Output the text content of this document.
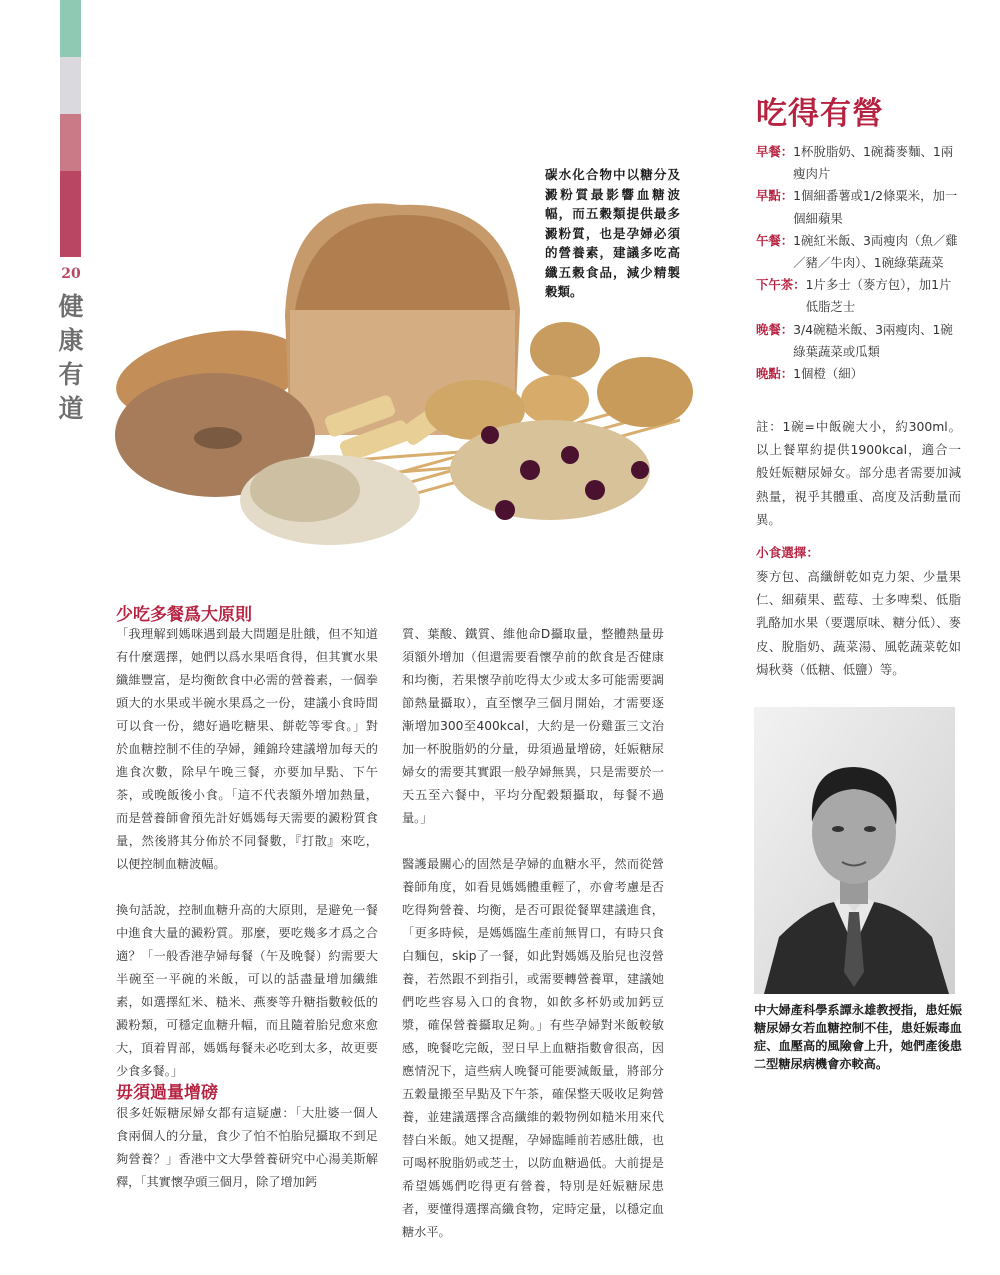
20
健
康
有
道
碳水化合物中以糖分及澱粉質最影響血糖波幅，而五穀類提供最多澱粉質，也是孕婦必須的營養素，建議多吃高纖五穀食品，減少精製穀類。
少吃多餐爲大原則
毋須過量增磅

「我理解到媽咪遇到最大問題是肚餓，但不知道有什麼選擇，她們以爲水果唔食得，但其實水果纖維豐富，是均衡飲食中必需的營養素，一個拳頭大的水果或半碗水果爲之一份，建議小食時間可以食一份，總好過吃糖果、餅乾等零食。」對於血糖控制不佳的孕婦，鍾錦玲建議增加每天的進食次數，除早午晚三餐，亦要加早點、下午茶，或晚飯後小食。「這不代表額外增加熱量，而是營養師會預先計好媽媽每天需要的澱粉質食量，然後將其分佈於不同餐數，『打散』來吃，以便控制血糖波幅。

換句話說，控制血糖升高的大原則，是避免一餐中進食大量的澱粉質。那麼，要吃幾多才爲之合適？「一般香港孕婦每餐（午及晚餐）約需要大半碗至一平碗的米飯，可以的話盡量增加纖維素，如選擇紅米、糙米、燕麥等升糖指數較低的澱粉類，可穩定血糖升幅，而且隨着胎兒愈來愈大，頂着胃部，媽媽每餐未必吃到太多，故更要少食多餐。」

很多妊娠糖尿婦女都有這疑慮：「大肚婆一個人食兩個人的分量，食少了怕不怕胎兒攝取不到足夠營養？」香港中文大學營養研究中心湯美斯解釋，「其實懷孕頭三個月，除了增加鈣

質、葉酸、鐵質、維他命D攝取量，整體熱量毋須額外增加（但還需要看懷孕前的飲食是否健康和均衡，若果懷孕前吃得太少或太多可能需要調節熱量攝取），直至懷孕三個月開始，才需要逐漸增加300至400kcal，大約是一份雞蛋三文治加一杯脫脂奶的分量，毋須過量增磅，妊娠糖尿婦女的需要其實跟一般孕婦無異，只是需要於一天五至六餐中，平均分配穀類攝取，每餐不過量。」

醫護最關心的固然是孕婦的血糖水平，然而從營養師角度，如看見媽媽體重輕了，亦會考慮是否吃得夠營養、均衡，是否可跟從餐單建議進食，「更多時候，是媽媽臨生產前無胃口，有時只食白麵包，skip了一餐，如此對媽媽及胎兒也沒營養，若然跟不到指引，或需要轉營養單，建議她們吃些容易入口的食物，如飲多杯奶或加鈣豆漿，確保營養攝取足夠。」有些孕婦對米飯較敏感，晚餐吃完飯，翌日早上血糖指數會很高，因應情況下，這些病人晚餐可能要減飯量，將部分五穀量搬至早點及下午茶，確保整天吸收足夠營養，並建議選擇含高纖維的穀物例如糙米用來代替白米飯。她又提醒，孕婦臨睡前若感肚餓，也可喝杯脫脂奶或芝士，以防血糖過低。大前提是希望媽媽們吃得更有營養，特別是妊娠糖尿患者，要懂得選擇高纖食物，定時定量，以穩定血糖水平。

吃得有營
早餐 ： 1杯脫脂奶、1碗蕎麥麵、1兩瘦肉片
早點 ： 1個細番薯或1/2條粟米，加一個細蘋果
午餐 ： 1碗紅米飯、3両瘦肉（魚／雞／豬／牛肉）、1碗綠葉蔬菜
下午茶 ： 1片多士（麥方包），加1片低脂芝士
晚餐 ： 3/4碗糙米飯、3兩瘦肉、1碗綠葉蔬菜或瓜類
晚點 ： 1個橙（細）
註：1碗=中飯碗大小，約300ml。以上餐單約提供1900kcal，適合一般妊娠糖尿婦女。部分患者需要加減熱量，視乎其體重、高度及活動量而異。
小食選擇：
麥方包、高纖餅乾如克力架、少量果仁、細蘋果、藍莓、士多啤梨、低脂乳酪加水果（要選原味、糖分低）、麥皮、脫脂奶、蔬菜湯、風乾蔬菜乾如焗秋葵（低糖、低鹽）等。
中大婦產科學系譚永雄教授指，患妊娠糖尿婦女若血糖控制不佳，患妊娠毒血症、血壓高的風險會上升，她們產後患二型糖尿病機會亦較高。
